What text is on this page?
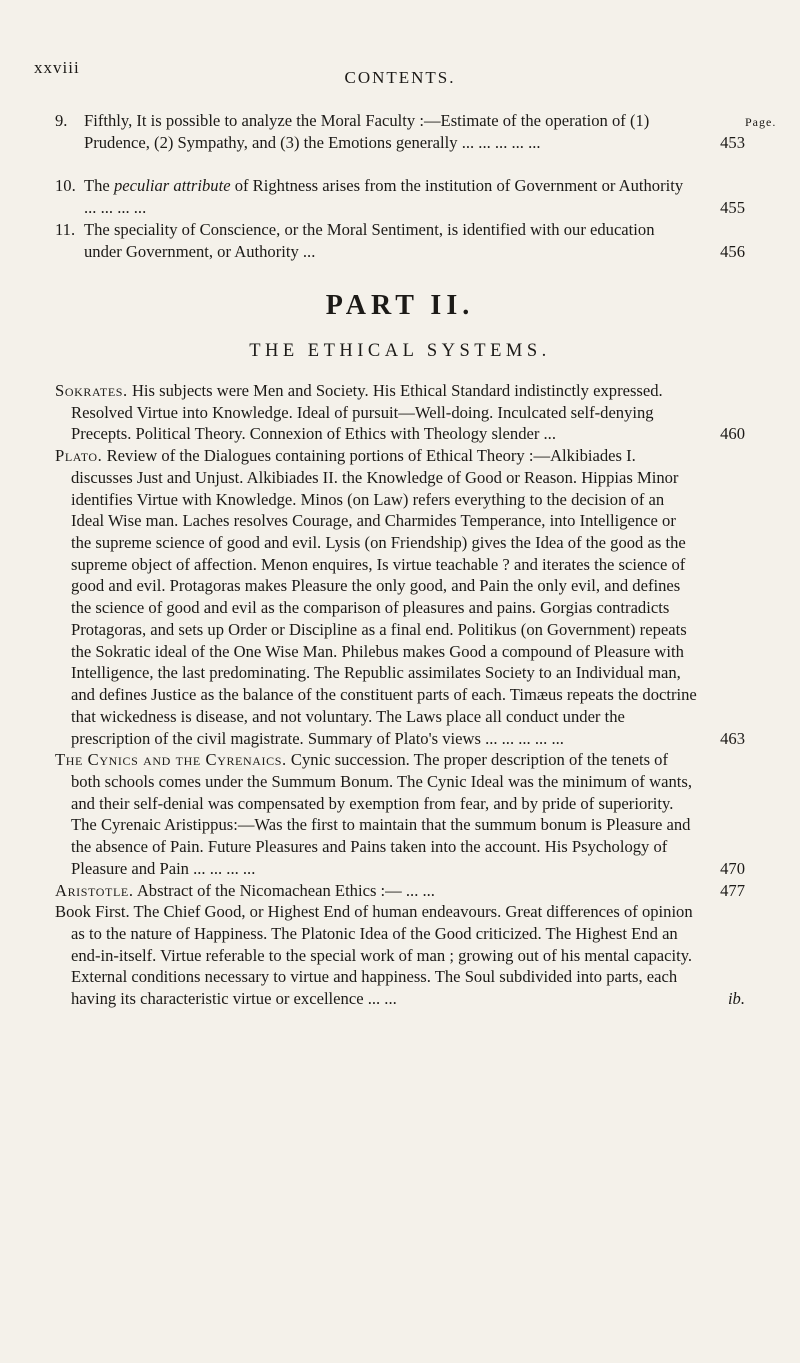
xxviii
CONTENTS.
Page.
9. Fifthly, It is possible to analyze the Moral Faculty :—Estimate of the operation of (1) Prudence, (2) Sympathy, and (3) the Emotions generally ... ... ... ... ...	453
10. The peculiar attribute of Rightness arises from the institution of Government or Authority ... ... ... ...	455
11. The speciality of Conscience, or the Moral Sentiment, is identified with our education under Government, or Authority ...	456
PART II.
THE ETHICAL SYSTEMS.
Sokrates. His subjects were Men and Society. His Ethical Standard indistinctly expressed. Resolved Virtue into Knowledge. Ideal of pursuit—Well-doing. Inculcated self-denying Precepts. Political Theory. Connexion of Ethics with Theology slender ...	460
Plato. Review of the Dialogues containing portions of Ethical Theory :—Alkibiades I. discusses Just and Unjust. Alkibiades II. the Knowledge of Good or Reason. Hippias Minor identifies Virtue with Knowledge. Minos (on Law) refers everything to the decision of an Ideal Wise man. Laches resolves Courage, and Charmides Temperance, into Intelligence or the supreme science of good and evil. Lysis (on Friendship) gives the Idea of the good as the supreme object of affection. Menon enquires, Is virtue teachable ? and iterates the science of good and evil. Protagoras makes Pleasure the only good, and Pain the only evil, and defines the science of good and evil as the comparison of pleasures and pains. Gorgias contradicts Protagoras, and sets up Order or Discipline as a final end. Politikus (on Government) repeats the Sokratic ideal of the One Wise Man. Philebus makes Good a compound of Pleasure with Intelligence, the last predominating. The Republic assimilates Society to an Individual man, and defines Justice as the balance of the constituent parts of each. Timæus repeats the doctrine that wickedness is disease, and not voluntary. The Laws place all conduct under the prescription of the civil magistrate. Summary of Plato's views ... ... ... ... ...	463
The Cynics and the Cyrenaics. Cynic succession. The proper description of the tenets of both schools comes under the Summum Bonum. The Cynic Ideal was the minimum of wants, and their self-denial was compensated by exemption from fear, and by pride of superiority. The Cyrenaic Aristippus:—Was the first to maintain that the summum bonum is Pleasure and the absence of Pain. Future Pleasures and Pains taken into the account. His Psychology of Pleasure and Pain ... ... ... ...	470
Aristotle. Abstract of the Nicomachean Ethics :— ... ...	477
Book First. The Chief Good, or Highest End of human endeavours. Great differences of opinion as to the nature of Happiness. The Platonic Idea of the Good criticized. The Highest End an end-in-itself. Virtue referable to the special work of man ; growing out of his mental capacity. External conditions necessary to virtue and happiness. The Soul subdivided into parts, each having its characteristic virtue or excellence ... ...	ib.
